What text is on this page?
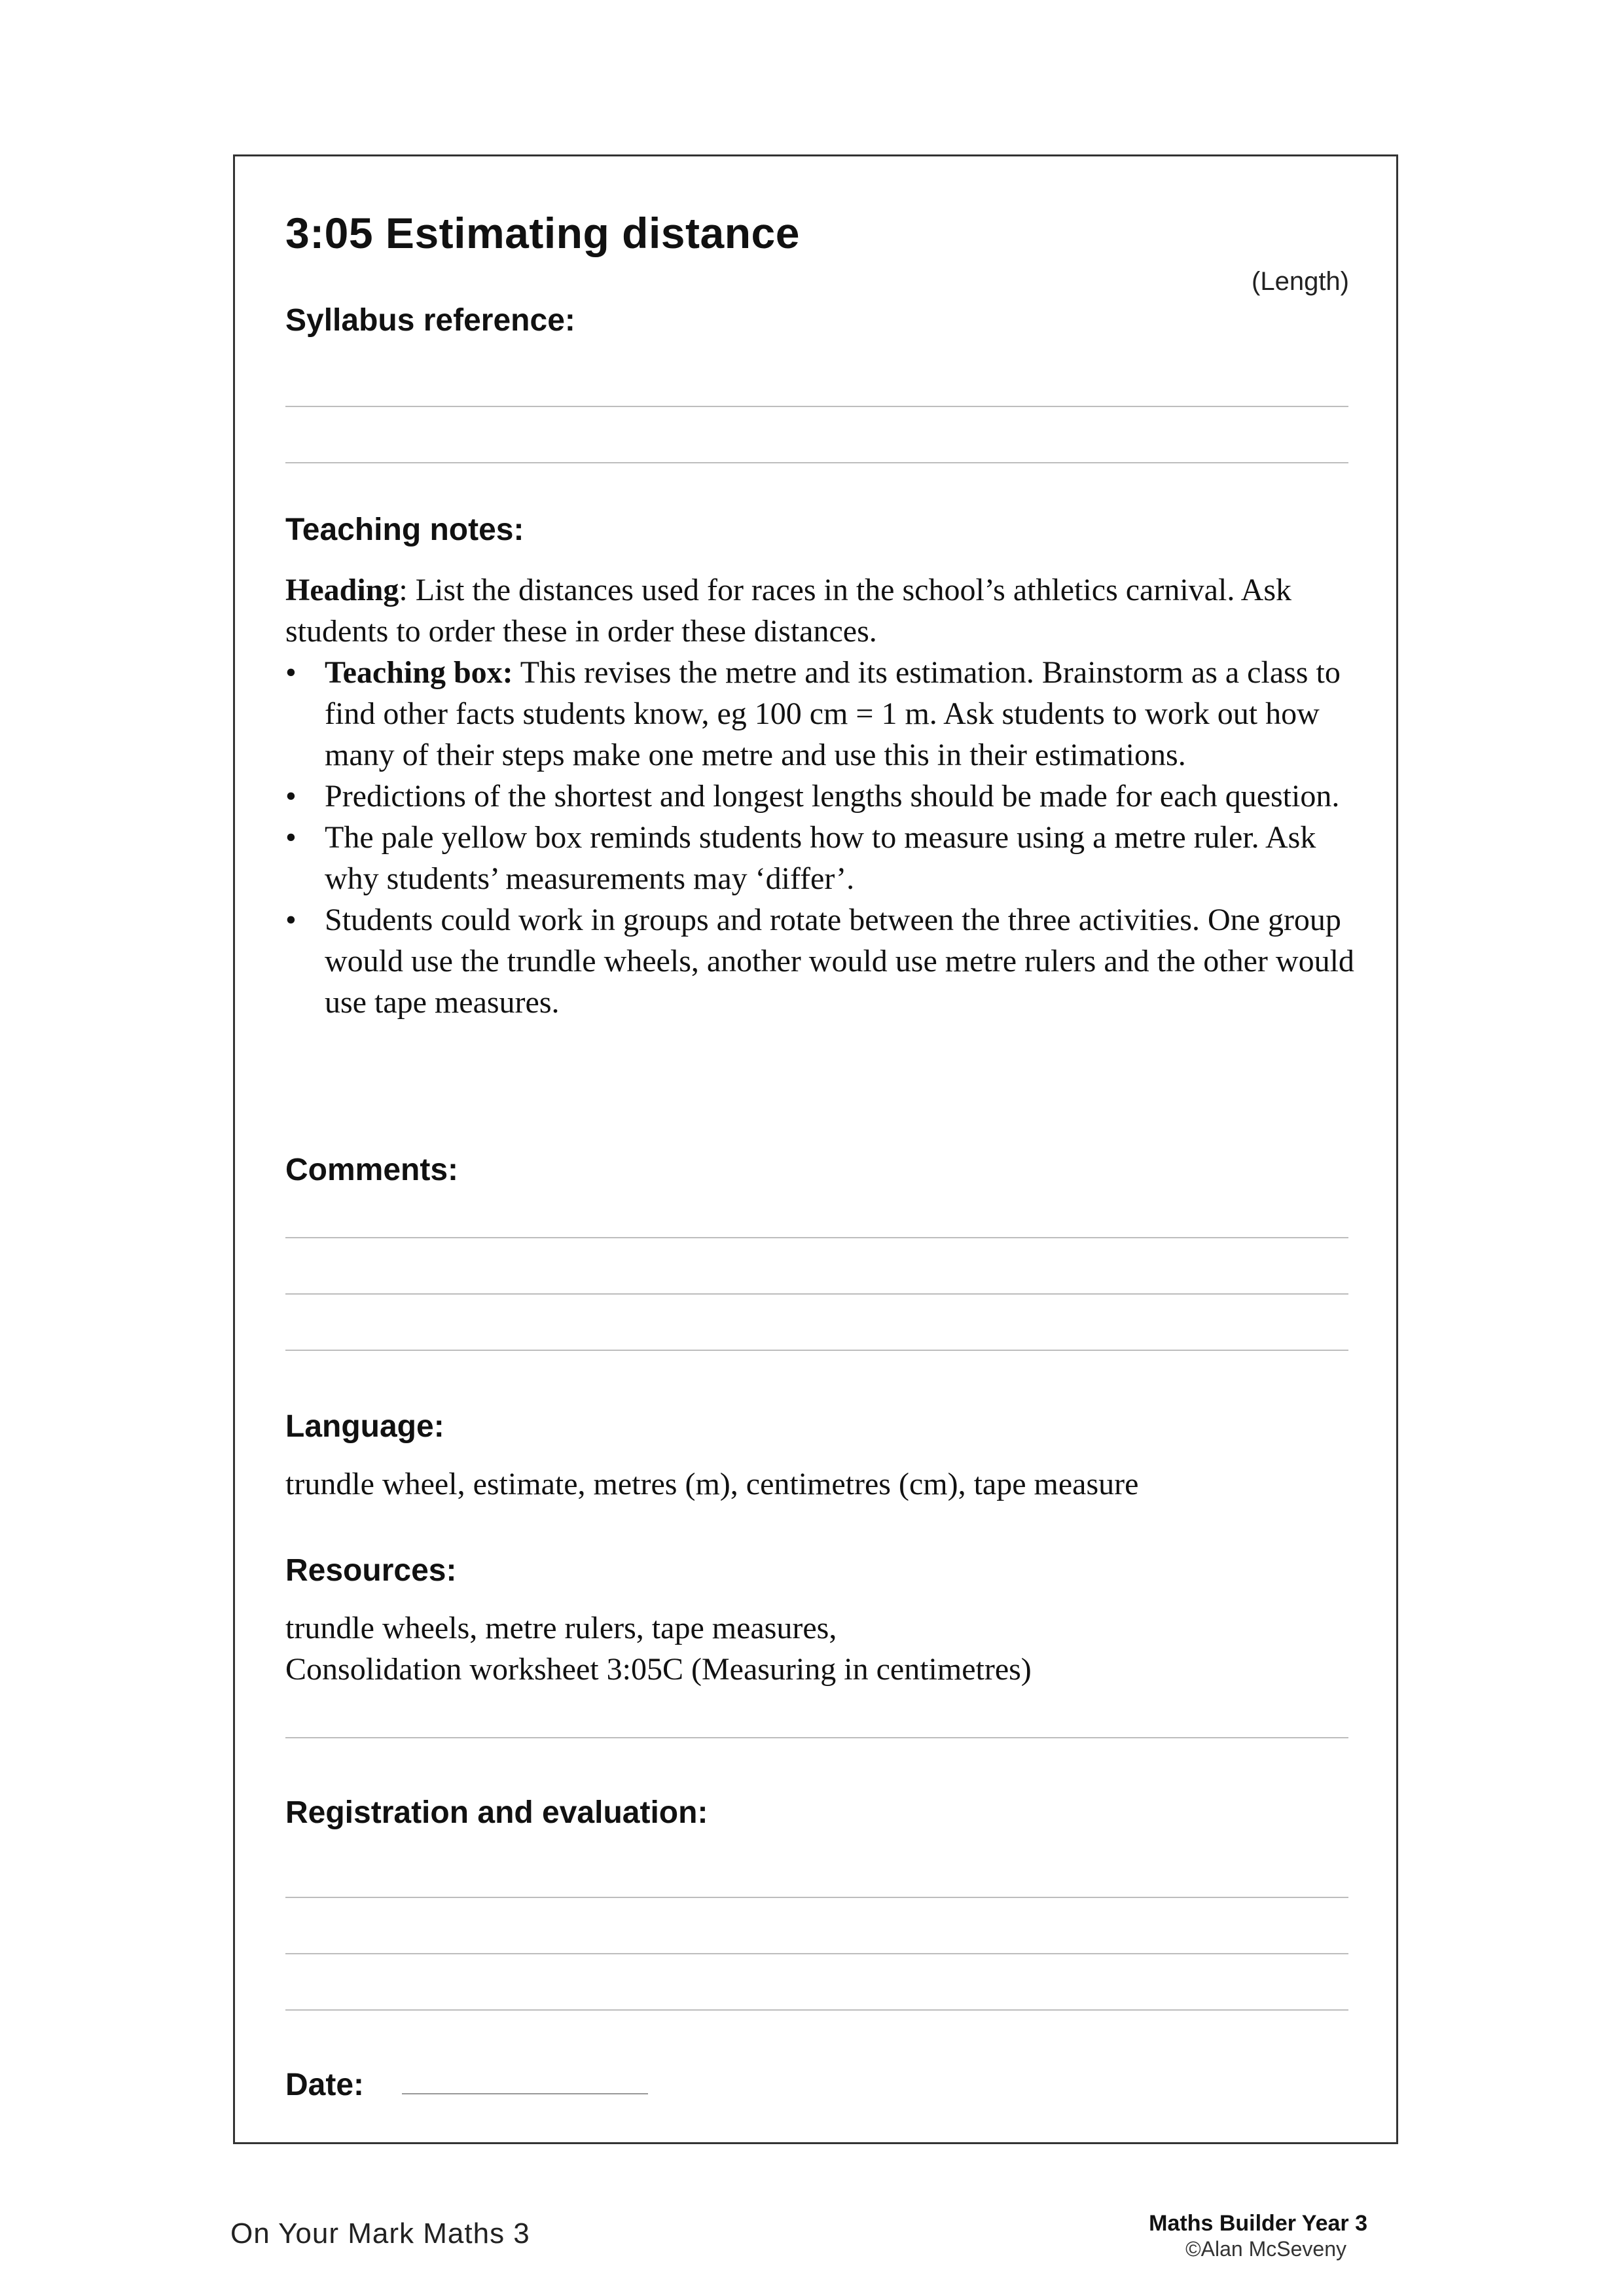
3:05 Estimating distance
(Length)
Syllabus reference:
Teaching notes:
Heading: List the distances used for races in the school’s athletics carnival. Ask students to order these in order these distances.
• Teaching box: This revises the metre and its estimation. Brainstorm as a class to find other facts students know, eg 100 cm = 1 m. Ask students to work out how many of their steps make one metre and use this in their estimations.
• Predictions of the shortest and longest lengths should be made for each question.
• The pale yellow box reminds students how to measure using a metre ruler. Ask why students’ measurements may ‘differ’.
• Students could work in groups and rotate between the three activities. One group would use the trundle wheels, another would use metre rulers and the other would use tape measures.
Comments:
Language:
trundle wheel, estimate, metres (m), centimetres (cm), tape measure
Resources:
trundle wheels, metre rulers, tape measures,
Consolidation worksheet 3:05C (Measuring in centimetres)
Registration and evaluation:
Date:
On Your Mark Maths 3	Maths Builder Year 3
©Alan McSeveny
